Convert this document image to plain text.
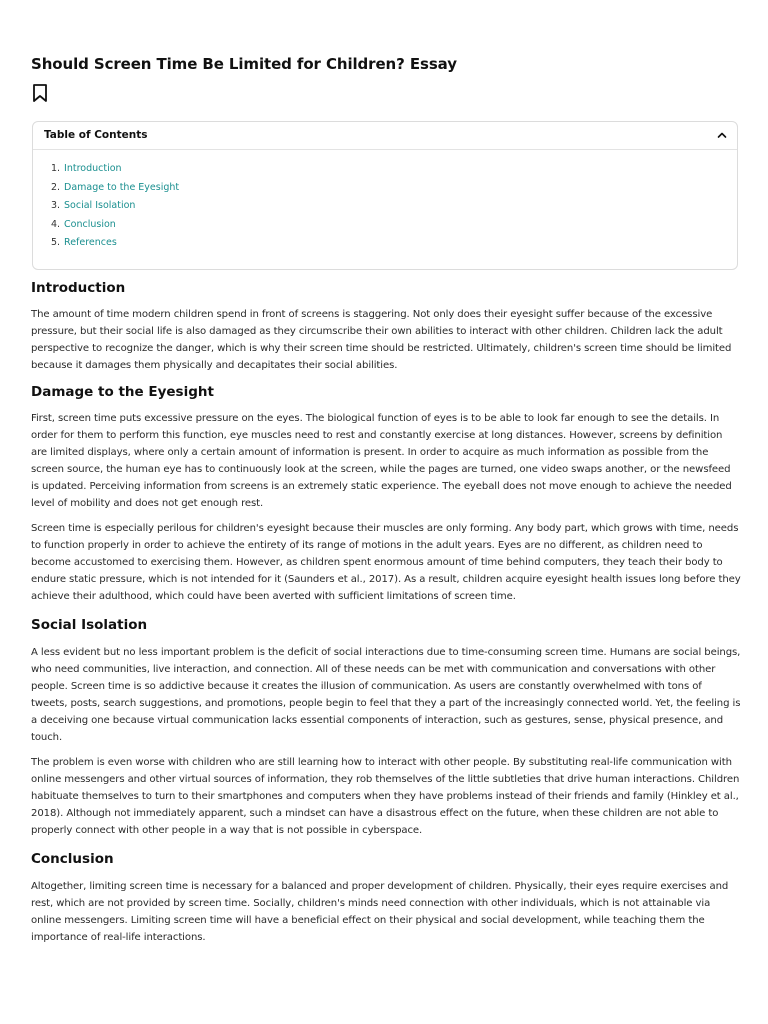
Should Screen Time Be Limited for Children? Essay
Table of Contents
1. Introduction
2. Damage to the Eyesight
3. Social Isolation
4. Conclusion
5. References
Introduction

The amount of time modern children spend in front of screens is staggering. Not only does their eyesight suffer because of the excessive pressure, but their social life is also damaged as they circumscribe their own abilities to interact with other children. Children lack the adult perspective to recognize the danger, which is why their screen time should be restricted. Ultimately, children's screen time should be limited because it damages them physically and decapitates their social abilities.

Damage to the Eyesight

First, screen time puts excessive pressure on the eyes. The biological function of eyes is to be able to look far enough to see the details. In order for them to perform this function, eye muscles need to rest and constantly exercise at long distances. However, screens by definition are limited displays, where only a certain amount of information is present. In order to acquire as much information as possible from the screen source, the human eye has to continuously look at the screen, while the pages are turned, one video swaps another, or the newsfeed is updated. Perceiving information from screens is an extremely static experience. The eyeball does not move enough to achieve the needed level of mobility and does not get enough rest.

Screen time is especially perilous for children's eyesight because their muscles are only forming. Any body part, which grows with time, needs to function properly in order to achieve the entirety of its range of motions in the adult years. Eyes are no different, as children need to become accustomed to exercising them. However, as children spent enormous amount of time behind computers, they teach their body to endure static pressure, which is not intended for it (Saunders et al., 2017). As a result, children acquire eyesight health issues long before they achieve their adulthood, which could have been averted with sufficient limitations of screen time.

Social Isolation

A less evident but no less important problem is the deficit of social interactions due to time-consuming screen time. Humans are social beings, who need communities, live interaction, and connection. All of these needs can be met with communication and conversations with other people. Screen time is so addictive because it creates the illusion of communication. As users are constantly overwhelmed with tons of tweets, posts, search suggestions, and promotions, people begin to feel that they a part of the increasingly connected world. Yet, the feeling is a deceiving one because virtual communication lacks essential components of interaction, such as gestures, sense, physical presence, and touch.

The problem is even worse with children who are still learning how to interact with other people. By substituting real-life communication with online messengers and other virtual sources of information, they rob themselves of the little subtleties that drive human interactions. Children habituate themselves to turn to their smartphones and computers when they have problems instead of their friends and family (Hinkley et al., 2018). Although not immediately apparent, such a mindset can have a disastrous effect on the future, when these children are not able to properly connect with other people in a way that is not possible in cyberspace.

Conclusion

Altogether, limiting screen time is necessary for a balanced and proper development of children. Physically, their eyes require exercises and rest, which are not provided by screen time. Socially, children's minds need connection with other individuals, which is not attainable via online messengers. Limiting screen time will have a beneficial effect on their physical and social development, while teaching them the importance of real-life interactions.
